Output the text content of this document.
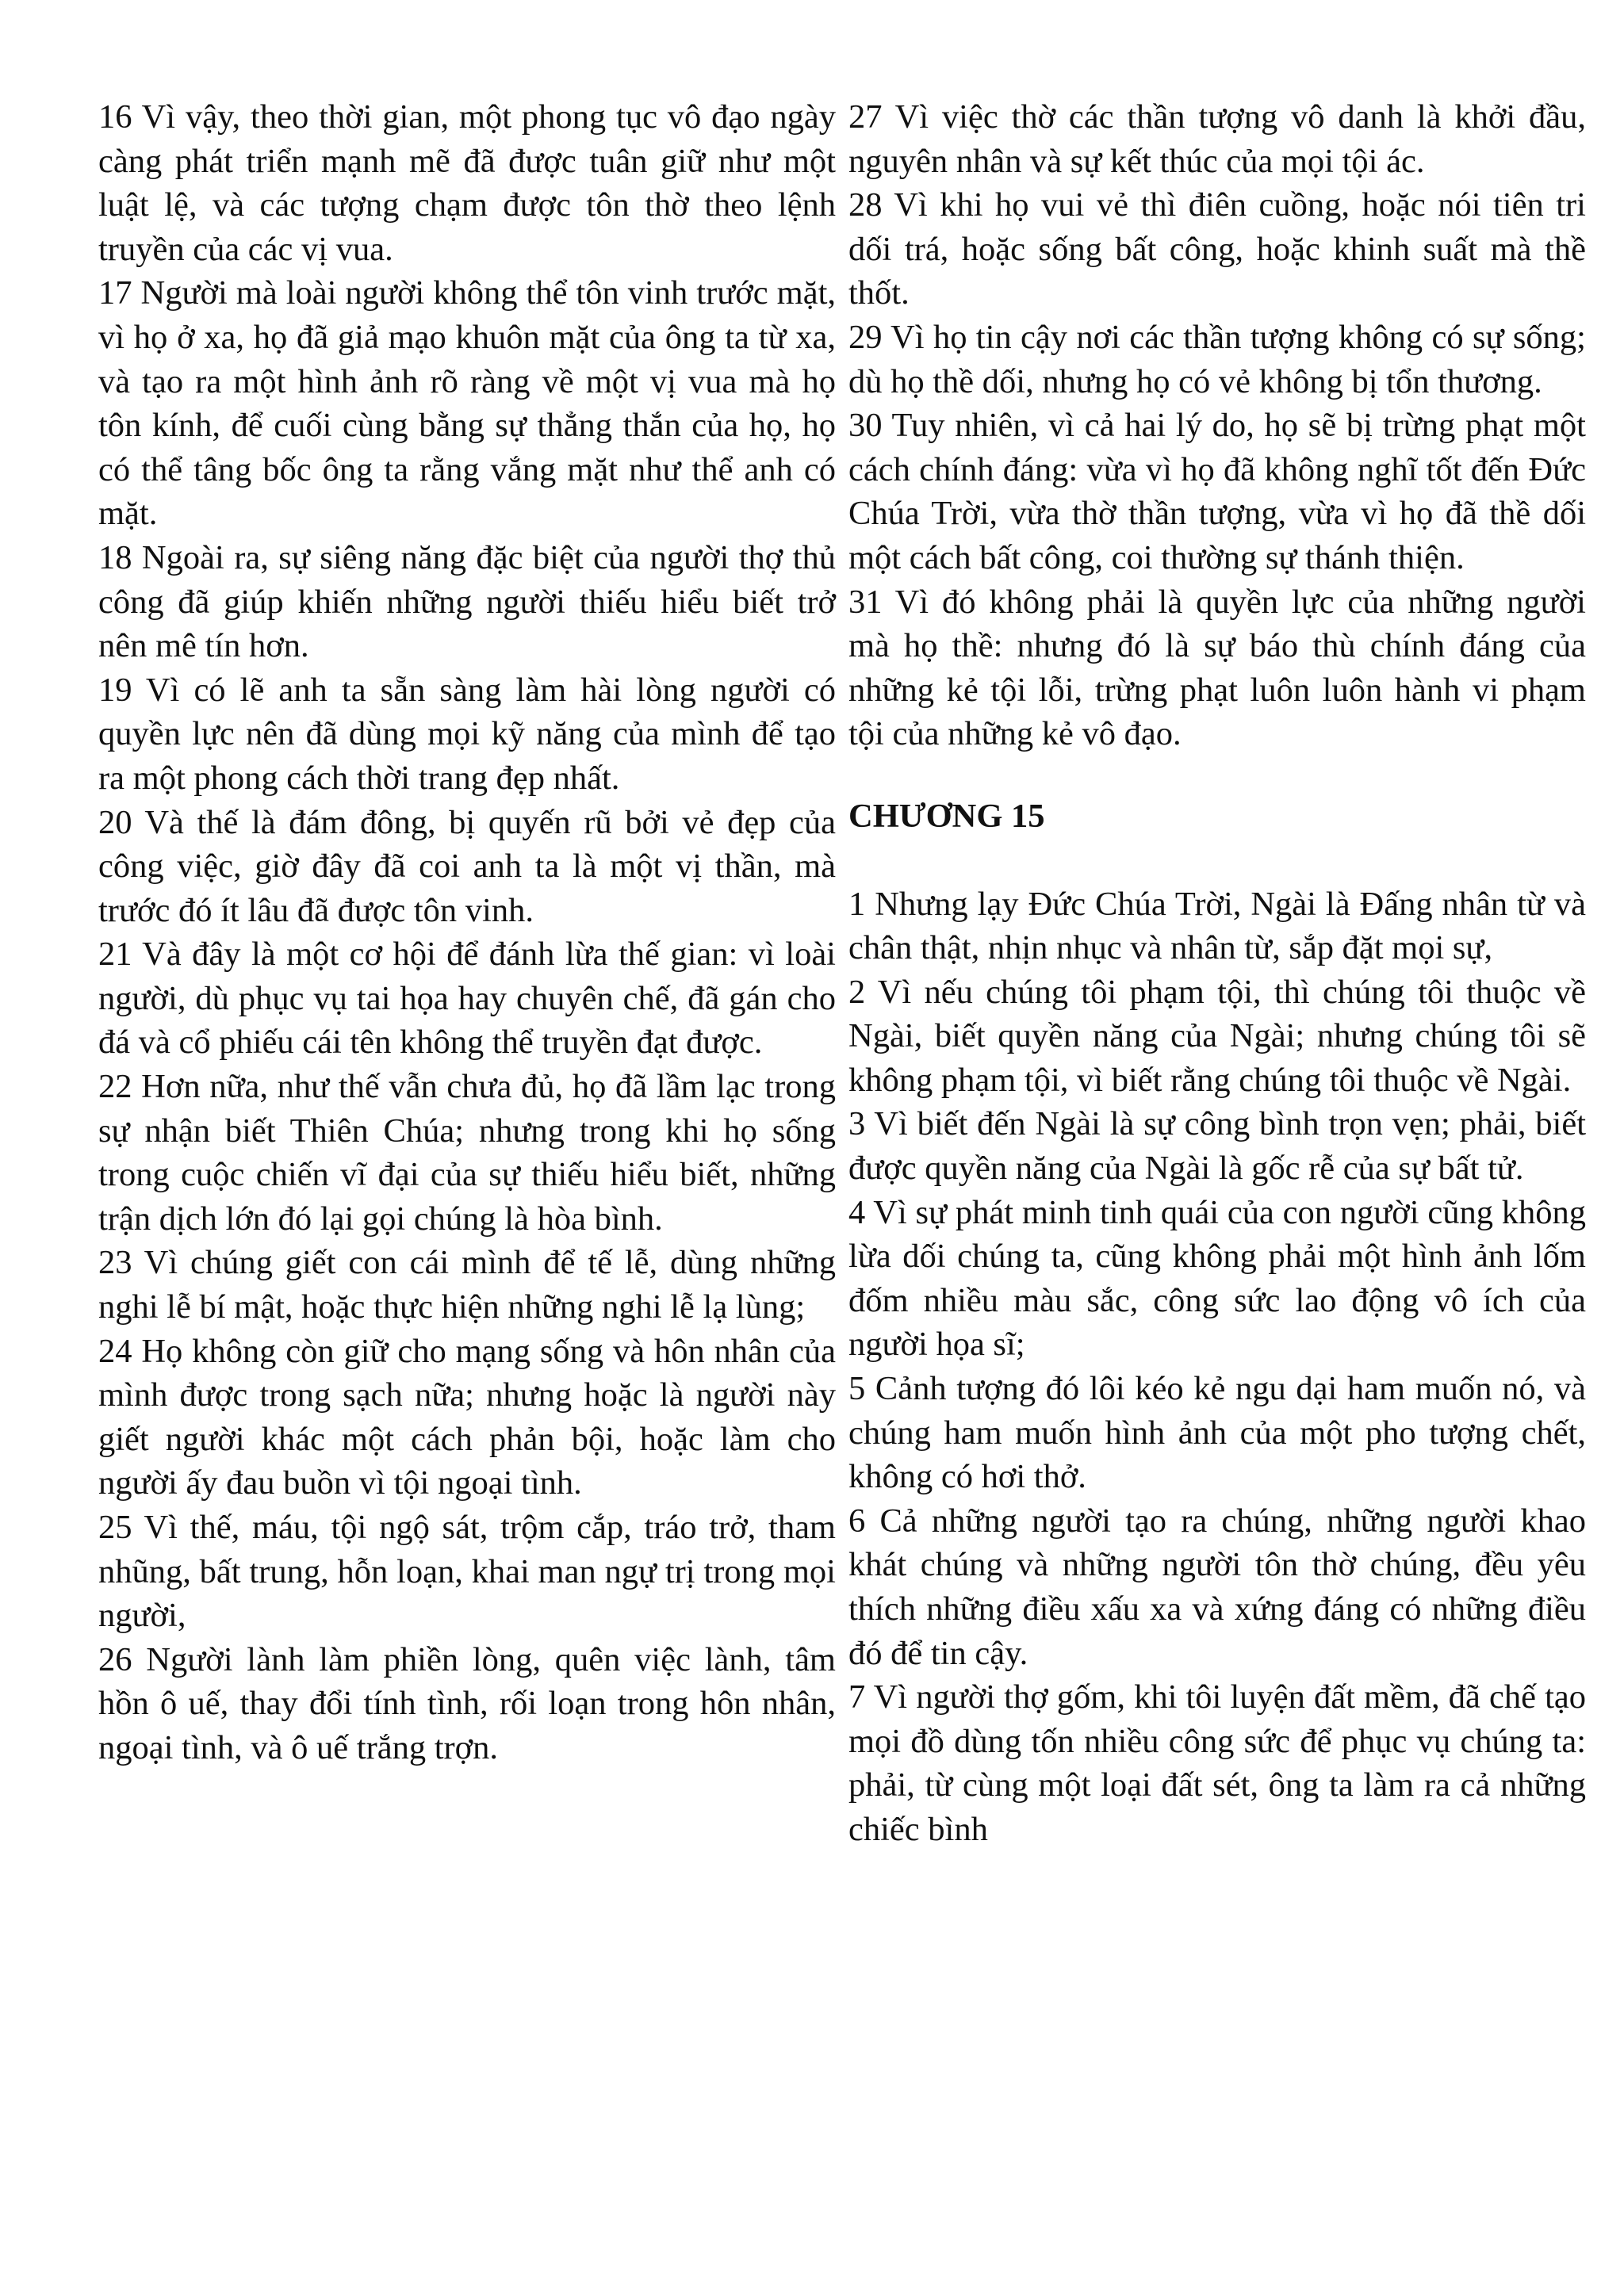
16 Vì vậy, theo thời gian, một phong tục vô đạo ngày càng phát triển mạnh mẽ đã được tuân giữ như một luật lệ, và các tượng chạm được tôn thờ theo lệnh truyền của các vị vua.

17 Người mà loài người không thể tôn vinh trước mặt, vì họ ở xa, họ đã giả mạo khuôn mặt của ông ta từ xa, và tạo ra một hình ảnh rõ ràng về một vị vua mà họ tôn kính, để cuối cùng bằng sự thẳng thắn của họ, họ có thể tâng bốc ông ta rằng vắng mặt như thể anh có mặt.

18 Ngoài ra, sự siêng năng đặc biệt của người thợ thủ công đã giúp khiến những người thiếu hiểu biết trở nên mê tín hơn.

19 Vì có lẽ anh ta sẵn sàng làm hài lòng người có quyền lực nên đã dùng mọi kỹ năng của mình để tạo ra một phong cách thời trang đẹp nhất.

20 Và thế là đám đông, bị quyến rũ bởi vẻ đẹp của công việc, giờ đây đã coi anh ta là một vị thần, mà trước đó ít lâu đã được tôn vinh.

21 Và đây là một cơ hội để đánh lừa thế gian: vì loài người, dù phục vụ tai họa hay chuyên chế, đã gán cho đá và cổ phiếu cái tên không thể truyền đạt được.

22 Hơn nữa, như thế vẫn chưa đủ, họ đã lầm lạc trong sự nhận biết Thiên Chúa; nhưng trong khi họ sống trong cuộc chiến vĩ đại của sự thiếu hiểu biết, những trận dịch lớn đó lại gọi chúng là hòa bình.

23 Vì chúng giết con cái mình để tế lễ, dùng những nghi lễ bí mật, hoặc thực hiện những nghi lễ lạ lùng;

24 Họ không còn giữ cho mạng sống và hôn nhân của mình được trong sạch nữa; nhưng hoặc là người này giết người khác một cách phản bội, hoặc làm cho người ấy đau buồn vì tội ngoại tình.

25 Vì thế, máu, tội ngộ sát, trộm cắp, tráo trở, tham nhũng, bất trung, hỗn loạn, khai man ngự trị trong mọi người,

26 Người lành làm phiền lòng, quên việc lành, tâm hồn ô uế, thay đổi tính tình, rối loạn trong hôn nhân, ngoại tình, và ô uế trắng trợn.

27 Vì việc thờ các thần tượng vô danh là khởi đầu, nguyên nhân và sự kết thúc của mọi tội ác.

28 Vì khi họ vui vẻ thì điên cuồng, hoặc nói tiên tri dối trá, hoặc sống bất công, hoặc khinh suất mà thề thốt.

29 Vì họ tin cậy nơi các thần tượng không có sự sống; dù họ thề dối, nhưng họ có vẻ không bị tổn thương.

30 Tuy nhiên, vì cả hai lý do, họ sẽ bị trừng phạt một cách chính đáng: vừa vì họ đã không nghĩ tốt đến Đức Chúa Trời, vừa thờ thần tượng, vừa vì họ đã thề dối một cách bất công, coi thường sự thánh thiện.

31 Vì đó không phải là quyền lực của những người mà họ thề: nhưng đó là sự báo thù chính đáng của những kẻ tội lỗi, trừng phạt luôn luôn hành vi phạm tội của những kẻ vô đạo.

CHƯƠNG 15

1 Nhưng lạy Đức Chúa Trời, Ngài là Đấng nhân từ và chân thật, nhịn nhục và nhân từ, sắp đặt mọi sự,

2 Vì nếu chúng tôi phạm tội, thì chúng tôi thuộc về Ngài, biết quyền năng của Ngài; nhưng chúng tôi sẽ không phạm tội, vì biết rằng chúng tôi thuộc về Ngài.

3 Vì biết đến Ngài là sự công bình trọn vẹn; phải, biết được quyền năng của Ngài là gốc rễ của sự bất tử.

4 Vì sự phát minh tinh quái của con người cũng không lừa dối chúng ta, cũng không phải một hình ảnh lốm đốm nhiều màu sắc, công sức lao động vô ích của người họa sĩ;

5 Cảnh tượng đó lôi kéo kẻ ngu dại ham muốn nó, và chúng ham muốn hình ảnh của một pho tượng chết, không có hơi thở.

6 Cả những người tạo ra chúng, những người khao khát chúng và những người tôn thờ chúng, đều yêu thích những điều xấu xa và xứng đáng có những điều đó để tin cậy.

7 Vì người thợ gốm, khi tôi luyện đất mềm, đã chế tạo mọi đồ dùng tốn nhiều công sức để phục vụ chúng ta: phải, từ cùng một loại đất sét, ông ta làm ra cả những chiếc bình
